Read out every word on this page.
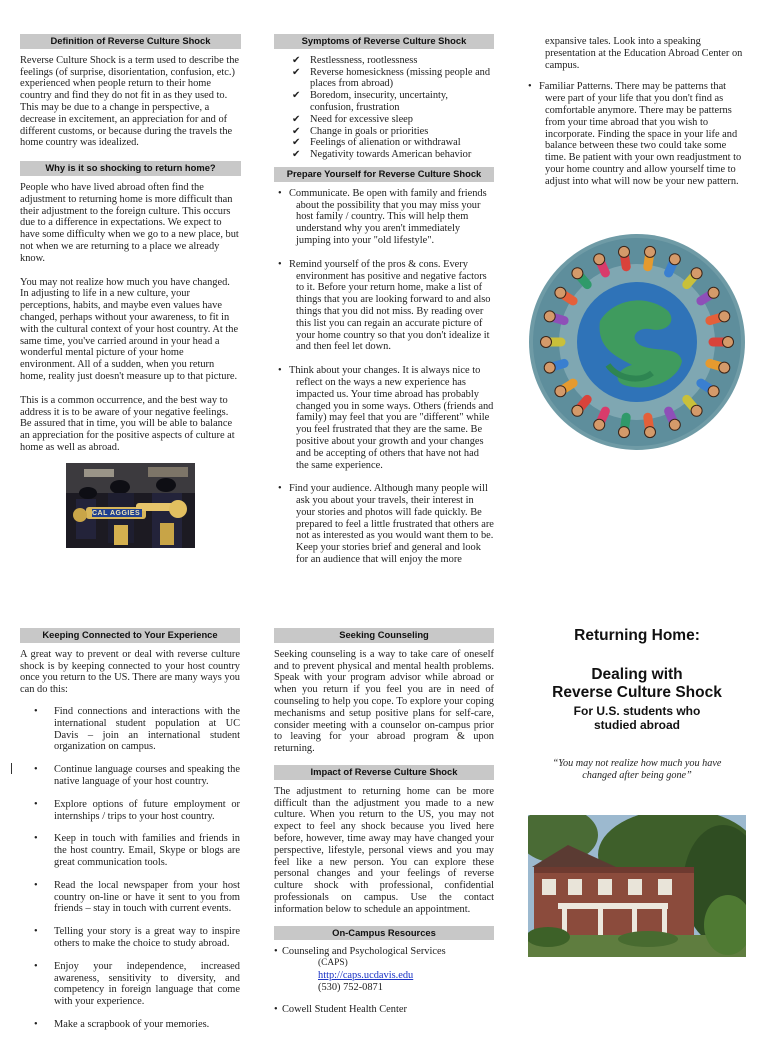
Definition of Reverse Culture Shock

Reverse Culture Shock is a term used to describe the feelings (of surprise, disorientation, confusion, etc.) experienced when people return to their home country and find they do not fit in as they used to. This may be due to a change in perspective, a decrease in excitement, an appreciation for and of different customs, or because during the travels the home country was idealized.

Why is it so shocking to return home?

People who have lived abroad often find the adjustment to returning home is more difficult than their adjustment to the foreign culture. This occurs due to a difference in expectations. We expect to have some difficulty when we go to a new place, but not when we are returning to a place we already know.

You may not realize how much you have changed. In adjusting to life in a new culture, your perceptions, habits, and maybe even values have changed, perhaps without your awareness, to fit in with the cultural context of your host country. At the same time, you've carried around in your head a wonderful mental picture of your home environment. All of a sudden, when you return home, reality just doesn't measure up to that picture.

This is a common occurrence, and the best way to address it is to be aware of your negative feelings. Be assured that in time, you will be able to balance an appreciation for the positive aspects of culture at home as well as abroad.

CAL AGGIES
Symptoms of Reverse Culture Shock
✔ Restlessness, rootlessness
✔ Reverse homesickness (missing people and places from abroad)
✔ Boredom, insecurity, uncertainty, confusion, frustration
✔ Need for excessive sleep
✔ Change in goals or priorities
✔ Feelings of alienation or withdrawal
✔ Negativity towards American behavior
Prepare Yourself for Reverse Culture Shock
• Communicate. Be open with family and friends about the possibility that you may miss your host family / country. This will help them understand why you aren't immediately jumping into your "old lifestyle".
• Remind yourself of the pros & cons. Every environment has positive and negative factors to it. Before your return home, make a list of things that you are looking forward to and also things that you did not miss. By reading over this list you can regain an accurate picture of your home country so that you don't idealize it and then feel let down.
• Think about your changes. It is always nice to reflect on the ways a new experience has impacted us. Your time abroad has probably changed you in some ways. Others (friends and family) may feel that you are "different" while you feel frustrated that they are the same. Be positive about your growth and your changes and be accepting of others that have not had the same experience.
• Find your audience. Although many people will ask you about your travels, their interest in your stories and photos will fade quickly. Be prepared to feel a little frustrated that others are not as interested as you would want them to be. Keep your stories brief and general and look for an audience that will enjoy the more

expansive tales. Look into a speaking presentation at the Education Abroad Center on campus.

• Familiar Patterns. There may be patterns that were part of your life that you don't find as comfortable anymore. There may be patterns from your time abroad that you wish to incorporate. Finding the space in your life and balance between these two could take some time. Be patient with your own readjustment to your home country and allow yourself time to adjust into what will now be your new pattern.
Keeping Connected to Your Experience

A great way to prevent or deal with reverse culture shock is by keeping connected to your host country once you return to the US. There are many ways you can do this:

• Find connections and interactions with the international student population at UC Davis – join an international student organization on campus.
• Continue language courses and speaking the native language of your host country.
• Explore options of future employment or internships / trips to your host country.
• Keep in touch with families and friends in the host country. Email, Skype or blogs are great communication tools.
• Read the local newspaper from your host country on-line or have it sent to you from friends – stay in touch with current events.
• Telling your story is a great way to inspire others to make the choice to study abroad.
• Enjoy your independence, increased awareness, sensitivity to diversity, and competency in foreign language that come with your experience.
• Make a scrapbook of your memories.
Seeking Counseling

Seeking counseling is a way to take care of oneself and to prevent physical and mental health problems. Speak with your program advisor while abroad or when you return if you feel you are in need of counseling to help you cope. To explore your coping mechanisms and setup positive plans for self-care, consider meeting with a counselor on-campus prior to leaving for your abroad program & upon returning.

Impact of Reverse Culture Shock

The adjustment to returning home can be more difficult than the adjustment you made to a new culture. When you return to the US, you may not expect to feel any shock because you lived here before, however, time away may have changed your perspective, lifestyle, personal views and you may feel like a new person. You can explore these personal changes and your feelings of reverse culture shock with professional, confidential professionals on campus. Use the contact information below to schedule an appointment.

On-Campus Resources
• Counseling and Psychological Services
(CAPS)
http://caps.ucdavis.edu
(530) 752-0871
• Cowell Student Health Center
Returning Home:
Dealing with
Reverse Culture Shock
For U.S. students who studied abroad
“You may not realize how much you have changed after being gone”
